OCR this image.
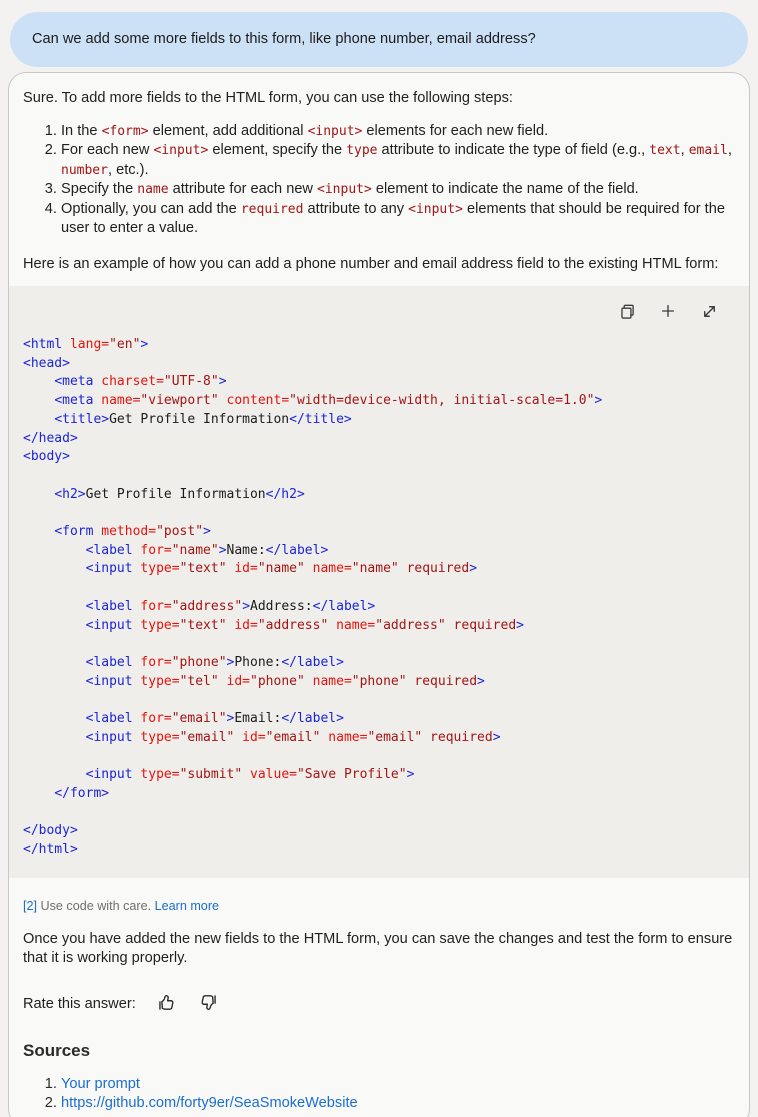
Can we add some more fields to this form, like phone number, email address?

Sure. To add more fields to the HTML form, you can use the following steps:

1. In the <form> element, add additional <input> elements for each new field.
2. For each new <input> element, specify the type attribute to indicate the type of field (e.g., text, email, number, etc.).
3. Specify the name attribute for each new <input> element to indicate the name of the field.
4. Optionally, you can add the required attribute to any <input> elements that should be required for the user to enter a value.

Here is an example of how you can add a phone number and email address field to the existing HTML form:

<html lang="en">
<head>
<meta charset="UTF-8">
<meta name="viewport" content="width=device-width, initial-scale=1.0">
<title>Get Profile Information</title>
</head>
<body>

<h2>Get Profile Information</h2>

<form method="post">
<label for="name">Name:</label>
<input type="text" id="name" name="name" required>

<label for="address">Address:</label>
<input type="text" id="address" name="address" required>

<label for="phone">Phone:</label>
<input type="tel" id="phone" name="phone" required>

<label for="email">Email:</label>
<input type="email" id="email" name="email" required>

<input type="submit" value="Save Profile">
</form>

</body>
</html>

[2] Use code with care. Learn more

Once you have added the new fields to the HTML form, you can save the changes and test the form to ensure that it is working properly.

Rate this answer:
Sources
1. Your prompt
2. https://github.com/forty9er/SeaSmokeWebsite
